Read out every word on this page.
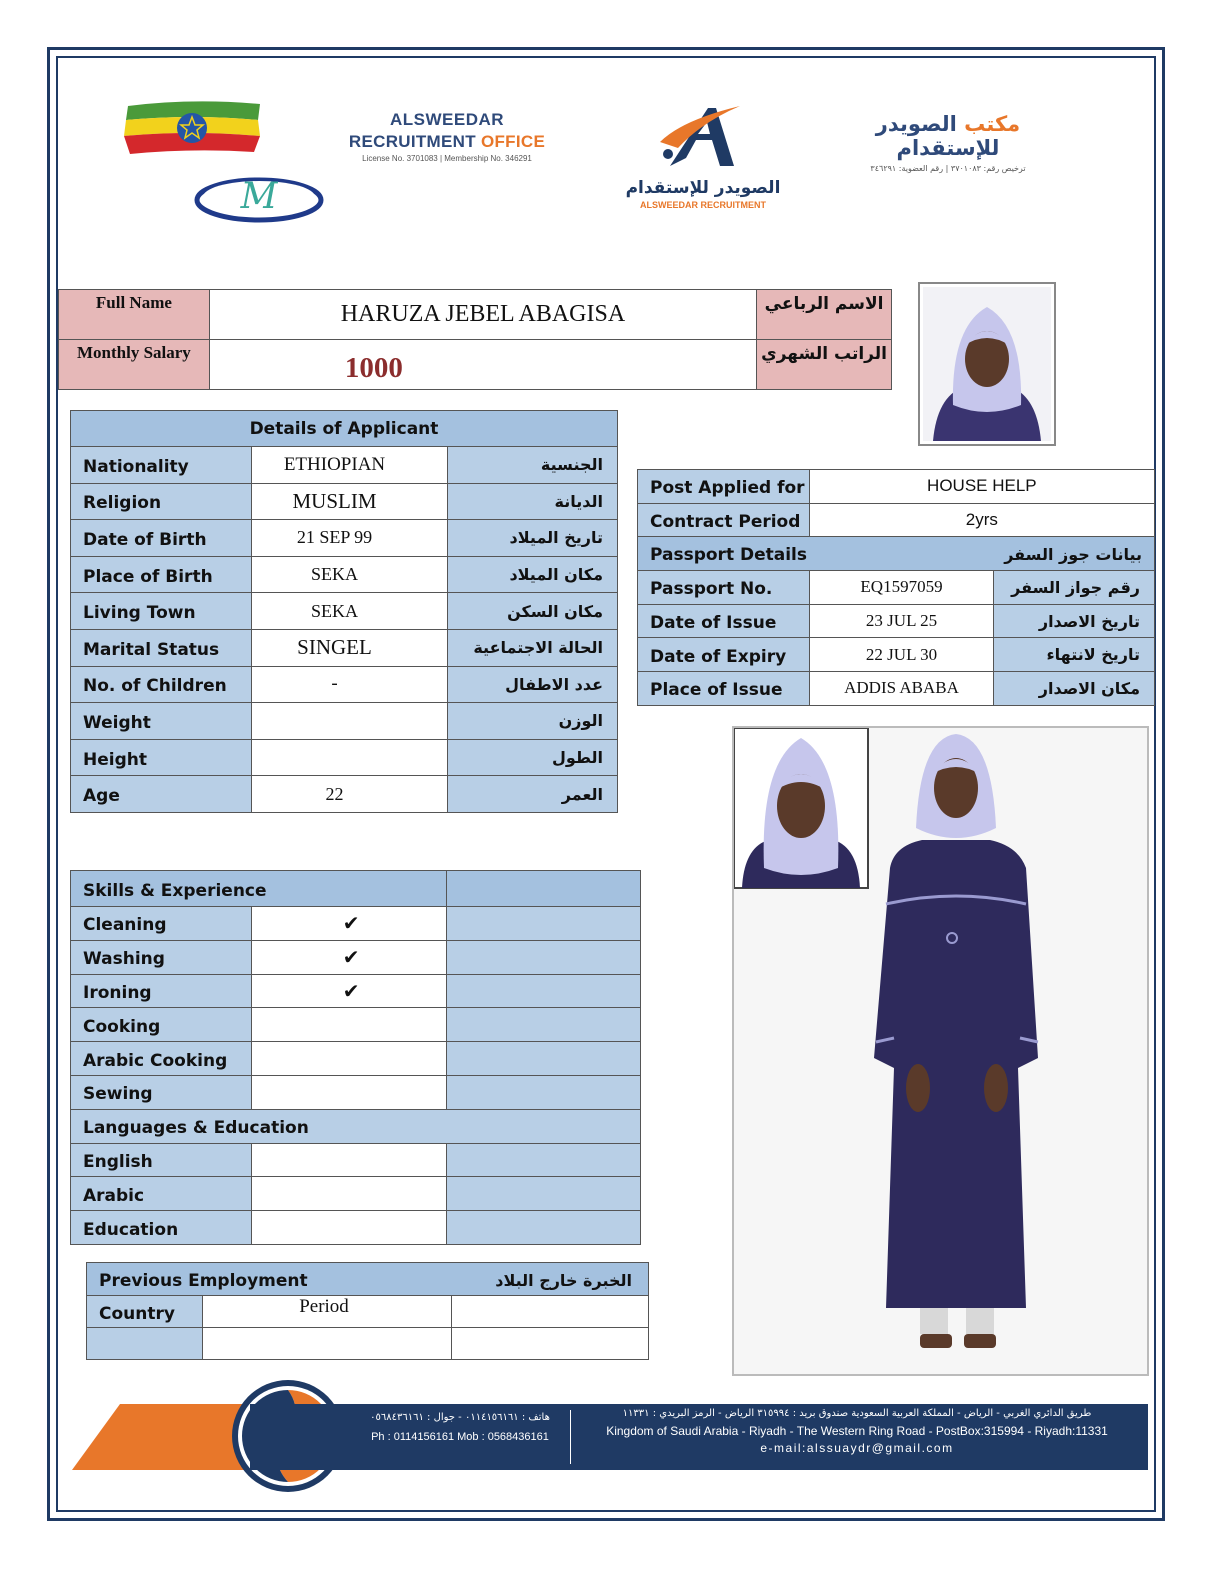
M
ALSWEEDAR
RECRUITMENT OFFICE
License No. 3701083 | Membership No. 346291
الصويدر للإستقدام
ALSWEEDAR RECRUITMENT
مكتب الصويدر للإستقدام
ترخيص رقم: ٣٧٠١٠٨٣ | رقم العضوية: ٣٤٦٢٩١
Full Name	HARUZA JEBEL ABAGISA	الاسم الرباعي
Monthly Salary	1000	الراتب الشهري
Details of Applicant		
Nationality	ETHIOPIAN	الجنسية
Religion	MUSLIM	الديانة
Date of Birth	21 SEP 99	تاريخ الميلاد
Place of Birth	SEKA	مكان الميلاد
Living Town	SEKA	مكان السكن
Marital Status	SINGEL	الحالة الاجتماعية
No. of Children	-	عدد الاطفال
Weight		الوزن
Height		الطول
Age	22	العمر
Post Applied for	HOUSE HELP	
Contract Period	2yrs	
Passport Details بيانات جوز السفر		

Passport No.	EQ1597059	رقم جواز السفر
Date of Issue	23 JUL 25	تاريخ الاصدار
Date of Expiry	22 JUL 30	تاريخ لانتهاء
Place of Issue	ADDIS ABABA	مكان الاصدار
Skills & Experience		
Cleaning	✔	
Washing	✔	
Ironing	✔	
Cooking		
Arabic Cooking		
Sewing		
Languages & Education		
English		
Arabic		
Education		
Previous Employment الخبرة خارج البلاد		

Country	Period	

هاتف : ٠١١٤١٥٦١٦١ - جوال : ٠٥٦٨٤٣٦١٦١
Ph : 0114156161 Mob : 0568436161
طريق الدائري الغربي - الرياض - المملكة العربية السعودية صندوق بريد : ٣١٥٩٩٤ الرياض - الرمز البريدي : ١١٣٣١
Kingdom of Saudi Arabia - Riyadh - The Western Ring Road - PostBox:315994 - Riyadh:11331
e-mail:alssuaydr@gmail.com
